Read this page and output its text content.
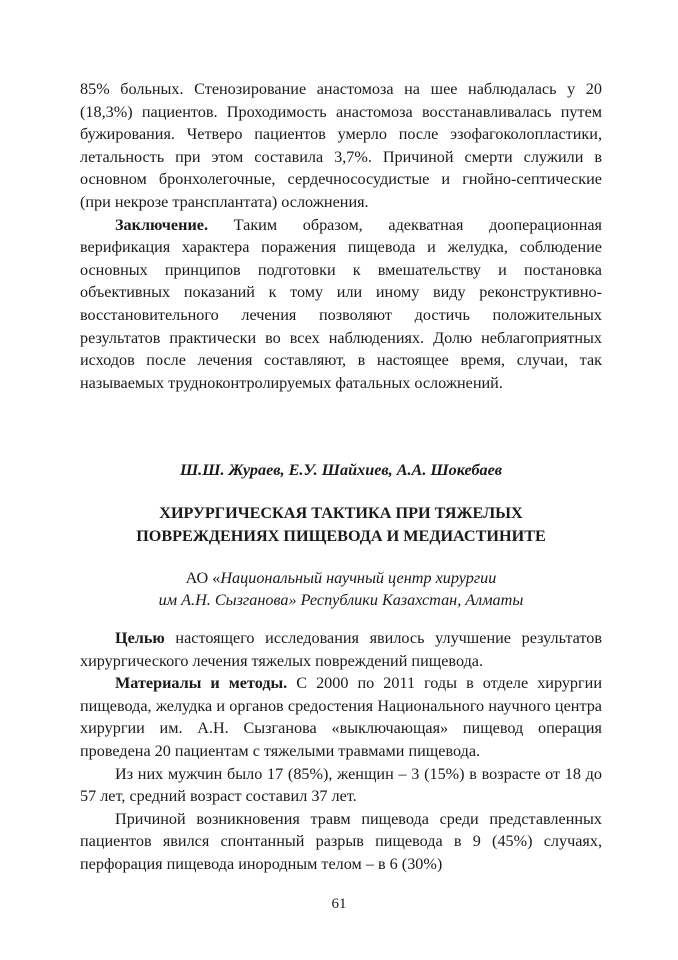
85% больных. Стенозирование анастомоза на шее наблюдалась у 20 (18,3%) пациентов. Проходимость анастомоза восстанавливалась путем бужирования. Четверо пациентов умерло после эзофагоколопластики, летальность при этом составила 3,7%. Причиной смерти служили в основном бронхолегочные, сердечнососудистые и гнойно-септические (при некрозе трансплантата) осложнения.

Заключение. Таким образом, адекватная дооперационная верификация характера поражения пищевода и желудка, соблюдение основных принципов подготовки к вмешательству и постановка объективных показаний к тому или иному виду реконструктивно-восстановительного лечения позволяют достичь положительных результатов практически во всех наблюдениях. Долю неблагоприятных исходов после лечения составляют, в настоящее время, случаи, так называемых трудноконтролируемых фатальных осложнений.

Ш.Ш. Жураев, Е.У. Шайхиев, А.А. Шокебаев
ХИРУРГИЧЕСКАЯ ТАКТИКА ПРИ ТЯЖЕЛЫХ
ПОВРЕЖДЕНИЯХ ПИЩЕВОДА И МЕДИАСТИНИТЕ
АО «Национальный научный центр хирургии
им А.Н. Сызганова» Республики Казахстан, Алматы

Целью настоящего исследования явилось улучшение результатов хирургического лечения тяжелых повреждений пищевода.

Материалы и методы. С 2000 по 2011 годы в отделе хирургии пищевода, желудка и органов средостения Национального научного центра хирургии им. А.Н. Сызганова «выключающая» пищевод операция проведена 20 пациентам с тяжелыми травмами пищевода.

Из них мужчин было 17 (85%), женщин – 3 (15%) в возрасте от 18 до 57 лет, средний возраст составил 37 лет.

Причиной возникновения травм пищевода среди представленных пациентов явился спонтанный разрыв пищевода в 9 (45%) случаях, перфорация пищевода инородным телом – в 6 (30%)

61
